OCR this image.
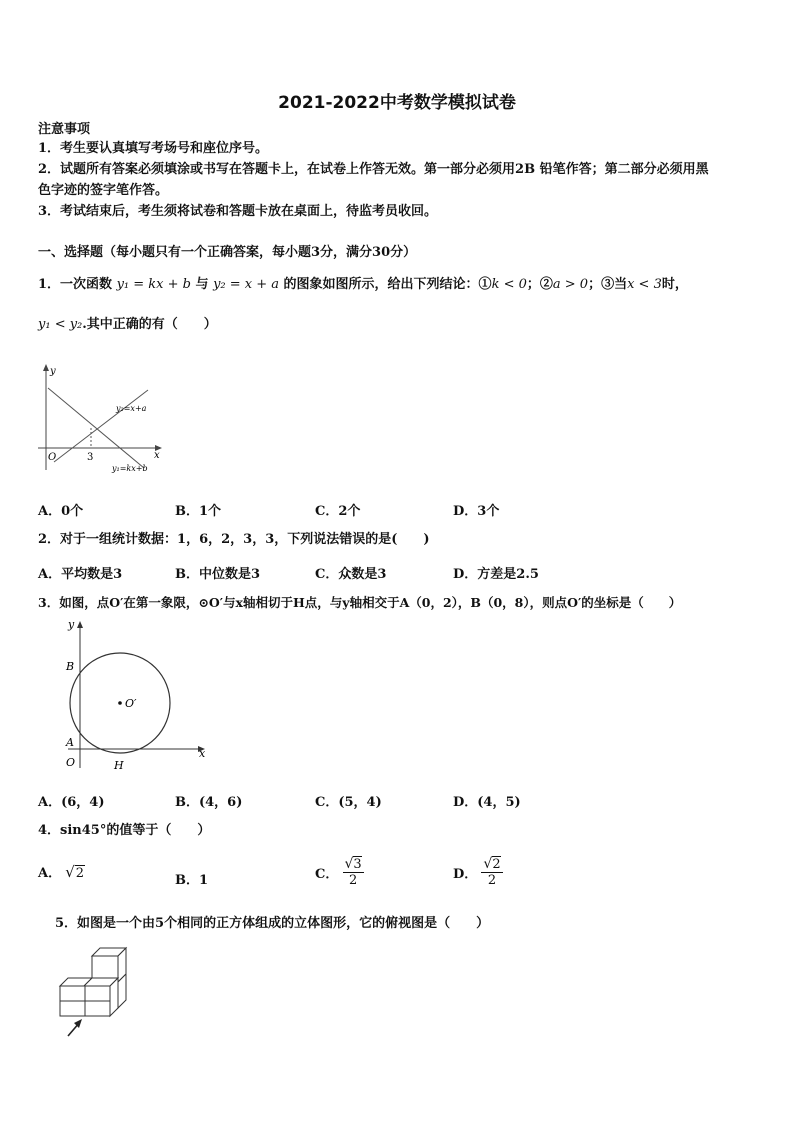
2021-2022中考数学模拟试卷
注意事项
1．考生要认真填写考场号和座位序号。
2．试题所有答案必须填涂或书写在答题卡上，在试卷上作答无效。第一部分必须用2B 铅笔作答；第二部分必须用黑
色字迹的签字笔作答。
3．考试结束后，考生须将试卷和答题卡放在桌面上，待监考员收回。
一、选择题（每小题只有一个正确答案，每小题3分，满分30分）
1．一次函数 y₁ = kx + b 与 y₂ = x + a 的图象如图所示，给出下列结论：①k < 0；②a > 0；③当x < 3时，
y₁ < y₂.其中正确的有（　　）
y
x
O	3
y₂=x+a
y₁=kx+b
A．0个	B．1个	C．2个	D．3个
2．对于一组统计数据：1，6，2，3，3，下列说法错误的是(　　)
A．平均数是3	B．中位数是3	C．众数是3	D．方差是2.5
3．如图，点O′在第一象限，⊙O′与x轴相切于H点，与y轴相交于A（0，2），B（0，8），则点O′的坐标是（　　）
y
x
O
B
A
H
O′
A．(6，4)	B．(4，6)	C．(5，4)	D．(4，5)
4．sin45°的值等于（　　）
A． √2	B．1	C． $\frac{√3}{2}$	D． $\frac{√2}{2}$
5．如图是一个由5个相同的正方体组成的立体图形，它的俯视图是（　　）
